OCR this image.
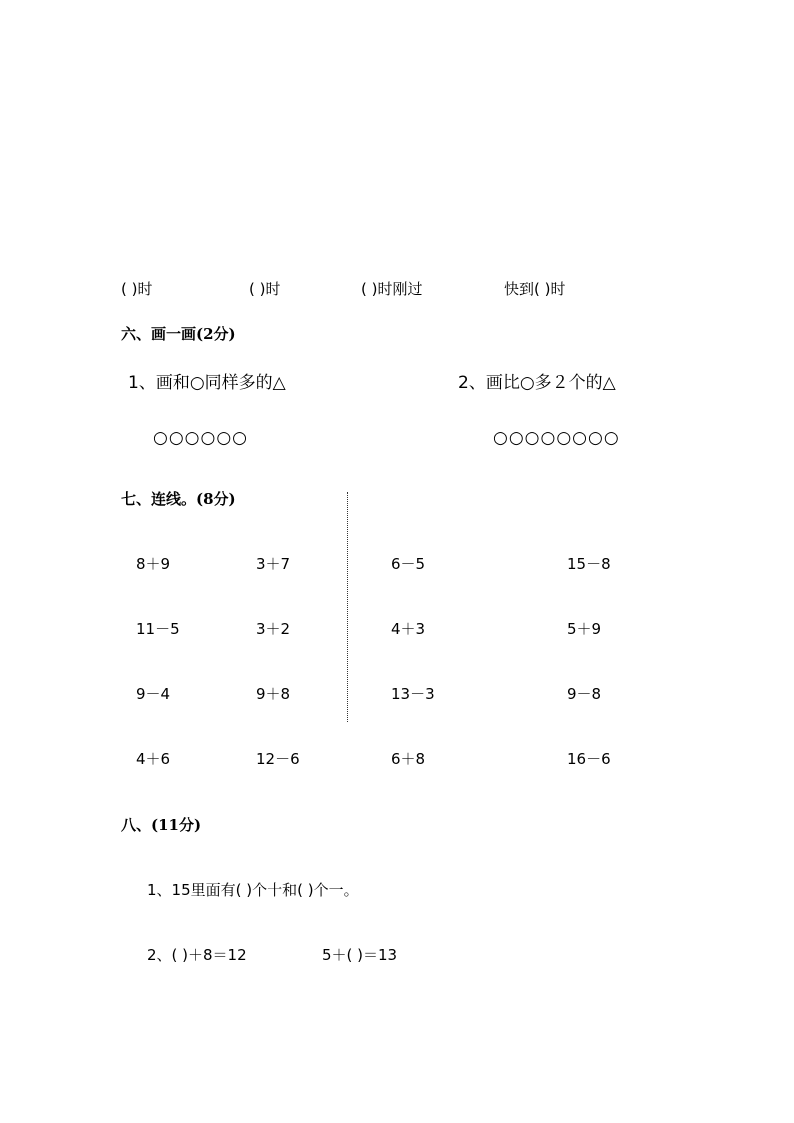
( )时	( )时	( )时刚过	快到( )时
六、画一画(2分)
1、画和○同样多的△	2、画比○多２个的△
○○○○○○	○○○○○○○○
七、连线。(8分)
8＋9	3＋7	6－5	15－8
11－5	3＋2	4＋3	5＋9
9－4	9＋8	13－3	9－8
4＋6	12－6	6＋8	16－6
八、(11分)
1、15里面有( )个十和( )个一。
2、( )＋8＝12	5＋( )＝13
